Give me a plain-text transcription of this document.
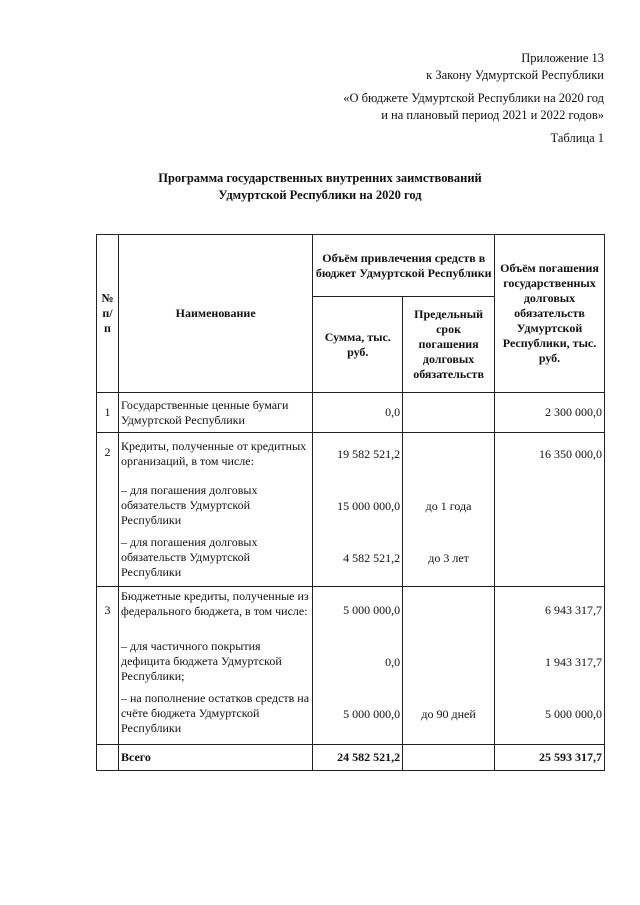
Приложение 13
к Закону Удмуртской Республики
«О бюджете Удмуртской Республики на 2020 год
и на плановый период 2021 и 2022 годов»
Таблица 1
Программа государственных внутренних заимствований
Удмуртской Республики на 2020 год
№ п/п	Наименование	Объём привлечения средств в бюджет Удмуртской Республики		Объём погашения государственных долговых обязательств Удмуртской Республики, тыс. руб.
		Сумма, тыс. руб.	Предельный срок погашения долговых обязательств	
1	Государственные ценные бумаги Удмуртской Республики	0,0		2 300 000,0
2	Кредиты, полученные от кредитных организаций, в том числе:	19 582 521,2		16 350 000,0
	– для погашения долговых обязательств Удмуртской Республики	15 000 000,0	до 1 года	
	– для погашения долговых обязательств Удмуртской Республики	4 582 521,2	до 3 лет	
3	Бюджетные кредиты, полученные из федерального бюджета, в том числе:	5 000 000,0		6 943 317,7
	– для частичного покрытия дефицита бюджета Удмуртской Республики;	0,0		1 943 317,7
	– на пополнение остатков средств на счёте бюджета Удмуртской Республики	5 000 000,0	до 90 дней	5 000 000,0
	Всего	24 582 521,2		25 593 317,7
